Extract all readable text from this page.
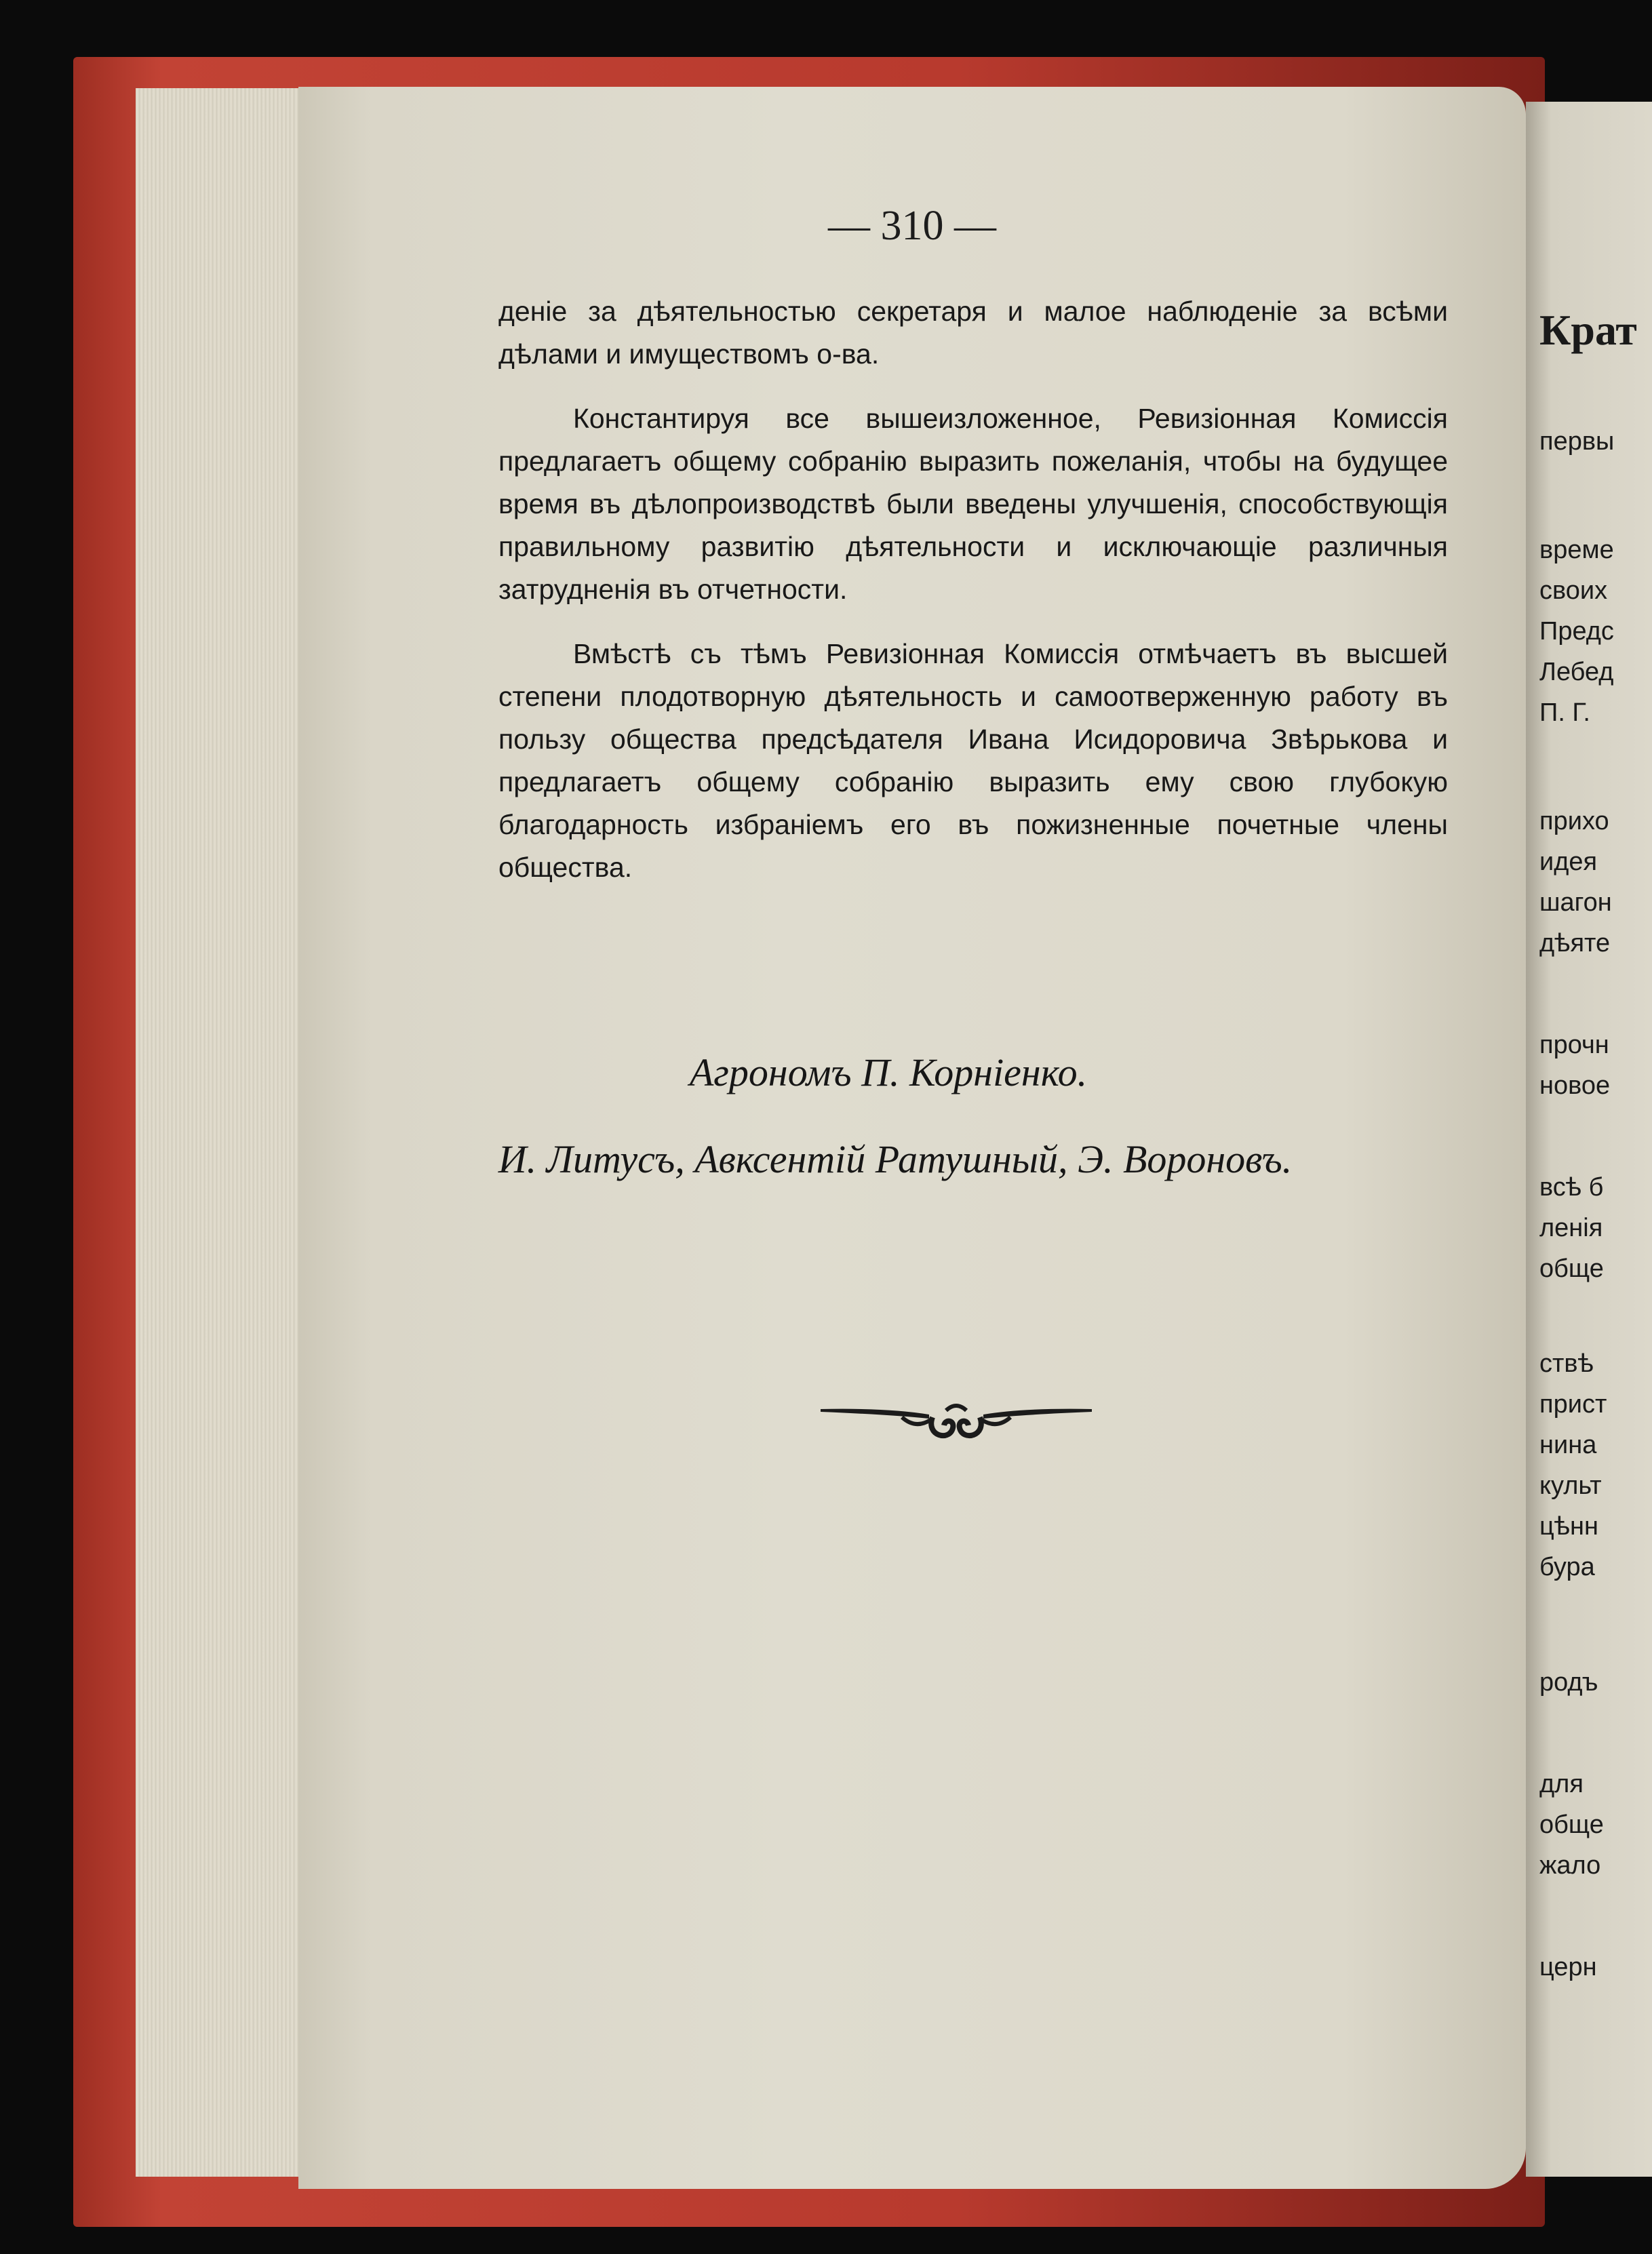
— 310 —

деніе за дѣятельностью секретаря и малое наблюденіе за всѣми дѣлами и имуществомъ о-ва.

Константируя все вышеизложенное, Ревизіонная Комиссія предлагаетъ общему собранію выразить пожеланія, чтобы на будущее время въ дѣлопроизводствѣ были введены улучшенія, способствующія правильному развитію дѣятельности и исключающіе различныя затрудненія въ отчетности.

Вмѣстѣ съ тѣмъ Ревизіонная Комиссія отмѣчаетъ въ высшей степени плодотворную дѣятельность и самоотверженную работу въ пользу общества предсѣдателя Ивана Исидоровича Звѣрькова и предлагаетъ общему собранію выразить ему свою глубокую благодарность избраніемъ его въ пожизненные почетные члены общества.

Агрономъ П. Корніенко.
И. Литусъ, Авксентій Ратушный, Э. Вороновъ.
Крат
первы
време
своих
Предс
Лебед
П. Г.
прихо
идея
шагон
дѣяте
прочн
новое
всѣ б
ленія
обще
ствѣ
прист
нина
культ
цѣнн
бура
родъ
для
обще
жало
церн
